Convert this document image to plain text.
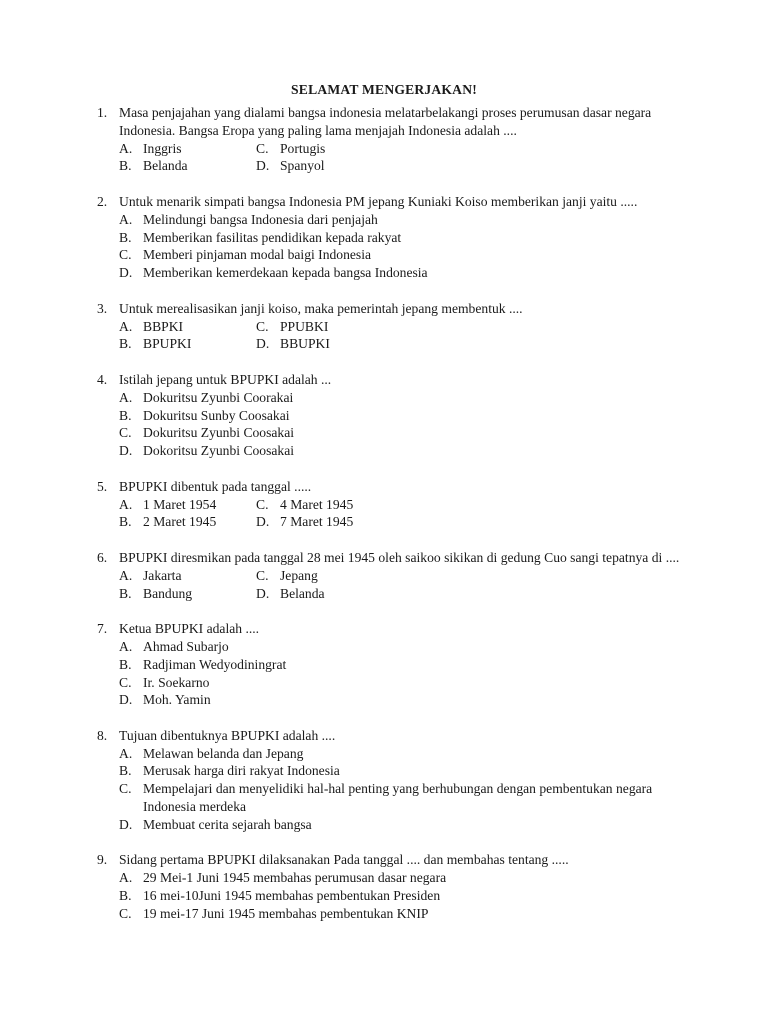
SELAMAT MENGERJAKAN!
1. Masa penjajahan yang dialami bangsa indonesia melatarbelakangi proses perumusan dasar negara Indonesia. Bangsa Eropa yang paling lama menjajah Indonesia adalah ....
A. Inggris	C. Portugis
B. Belanda	D. Spanyol
2. Untuk menarik simpati bangsa Indonesia PM jepang Kuniaki Koiso memberikan janji yaitu .....
A. Melindungi bangsa Indonesia dari penjajah
B. Memberikan fasilitas pendidikan kepada rakyat
C. Memberi pinjaman modal baigi Indonesia
D. Memberikan kemerdekaan kepada bangsa Indonesia
3. Untuk merealisasikan janji koiso, maka pemerintah jepang membentuk ....
A. BBPKI	C. PPUBKI
B. BPUPKI	D. BBUPKI
4. Istilah jepang untuk BPUPKI adalah ...
A. Dokuritsu Zyunbi Coorakai
B. Dokuritsu Sunby Coosakai
C. Dokuritsu Zyunbi Coosakai
D. Dokoritsu Zyunbi Coosakai
5. BPUPKI dibentuk pada tanggal .....
A. 1 Maret 1954	C. 4 Maret 1945
B. 2 Maret 1945	D. 7 Maret 1945
6. BPUPKI diresmikan pada tanggal 28 mei 1945 oleh saikoo sikikan di gedung Cuo sangi tepatnya di ....
A. Jakarta	C. Jepang
B. Bandung	D. Belanda
7. Ketua BPUPKI adalah ....
A. Ahmad Subarjo
B. Radjiman Wedyodiningrat
C. Ir. Soekarno
D. Moh. Yamin
8. Tujuan dibentuknya BPUPKI adalah ....
A. Melawan belanda dan Jepang
B. Merusak harga diri rakyat Indonesia
C. Mempelajari dan menyelidiki hal-hal penting yang berhubungan dengan pembentukan negara Indonesia merdeka
D. Membuat cerita sejarah bangsa
9. Sidang pertama BPUPKI dilaksanakan Pada tanggal .... dan membahas tentang .....
A. 29 Mei-1 Juni 1945 membahas perumusan dasar negara
B. 16 mei-10Juni 1945 membahas pembentukan Presiden
C. 19 mei-17 Juni 1945 membahas pembentukan KNIP
